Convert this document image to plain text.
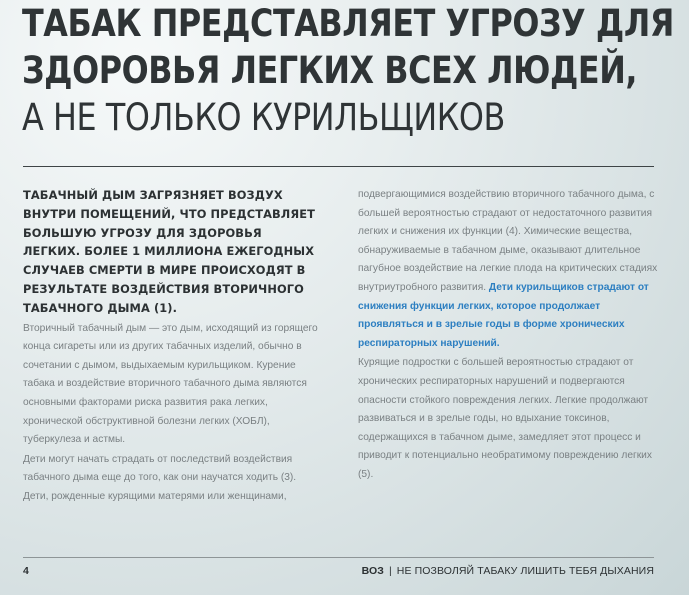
ТАБАК ПРЕДСТАВЛЯЕТ УГРОЗУ ДЛЯ
ЗДОРОВЬЯ ЛЕГКИХ ВСЕХ ЛЮДЕЙ,
А НЕ ТОЛЬКО КУРИЛЬЩИКОВ

ТАБАЧНЫЙ ДЫМ ЗАГРЯЗНЯЕТ ВОЗДУХ ВНУТРИ ПОМЕЩЕНИЙ, ЧТО ПРЕДСТАВЛЯЕТ БОЛЬШУЮ УГРОЗУ ДЛЯ ЗДОРОВЬЯ ЛЕГКИХ. БОЛЕЕ 1 МИЛЛИОНА ЕЖЕГОДНЫХ СЛУЧАЕВ СМЕРТИ В МИРЕ ПРОИСХОДЯТ В РЕЗУЛЬТАТЕ ВОЗДЕЙСТВИЯ ВТОРИЧНОГО ТАБАЧНОГО ДЫМА (1).

Вторичный табачный дым — это дым, исходящий из горящего конца сигареты или из других табачных изделий, обычно в сочетании с дымом, выдыхаемым курильщиком. Курение табака и воздействие вторичного табачного дыма являются основными факторами риска развития рака легких, хронической обструктивной болезни легких (ХОБЛ), туберкулеза и астмы.

Дети могут начать страдать от последствий воздействия табачного дыма еще до того, как они научатся ходить (3). Дети, рожденные курящими матерями или женщинами,

подвергающимися воздействию вторичного табачного дыма, с большей вероятностью страдают от недостаточного развития легких и снижения их функции (4). Химические вещества, обнаруживаемые в табачном дыме, оказывают длительное пагубное воздействие на легкие плода на критических стадиях внутриутробного развития. Дети курильщиков страдают от снижения функции легких, которое продолжает проявляться и в зрелые годы в форме хронических респираторных нарушений.

Курящие подростки с большей вероятностью страдают от хронических респираторных нарушений и подвергаются опасности стойкого повреждения легких. Легкие продолжают развиваться и в зрелые годы, но вдыхание токсинов, содержащихся в табачном дыме, замедляет этот процесс и приводит к потенциально необратимому повреждению легких (5).

4	ВОЗ | НЕ ПОЗВОЛЯЙ ТАБАКУ ЛИШИТЬ ТЕБЯ ДЫХАНИЯ
